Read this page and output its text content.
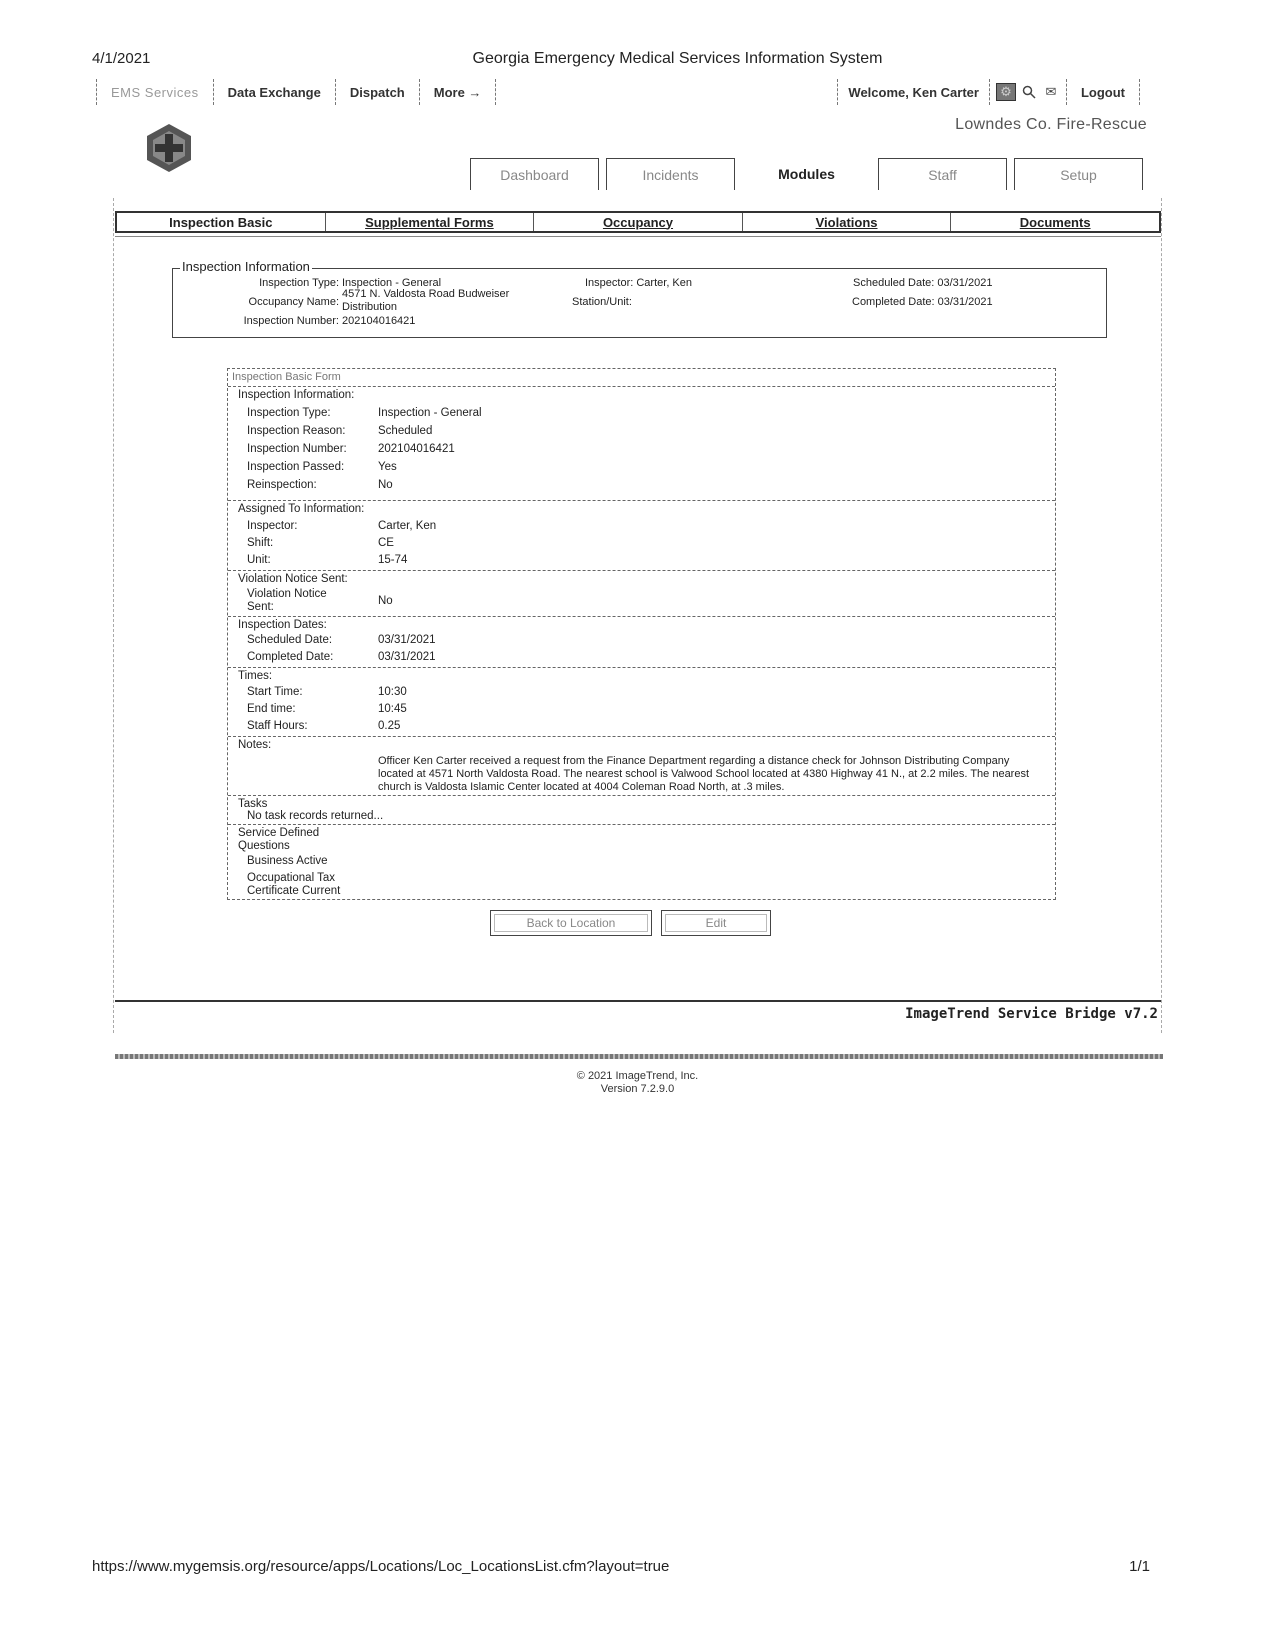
4/1/2021	Georgia Emergency Medical Services Information System
https://www.mygemsis.org/resource/apps/Locations/Loc_LocationsList.cfm?layout=true	1/1
EMS Services	Data Exchange	Dispatch	More →	Welcome, Ken Carter	⚙	✉	Logout
Lowndes Co. Fire-Rescue
Dashboard	Incidents	Modules	Staff	Setup
Inspection Basic	Supplemental Forms	Occupancy	Violations	Documents
Inspection Type: Inspection - General
Occupancy Name:
4571 N. Valdosta Road Budweiser
Distribution
Inspection Number: 202104016421
Inspector: Carter, Ken
Station/Unit:
Scheduled Date: 03/31/2021
Completed Date: 03/31/2021
Inspection Information
Inspection Basic Form
Inspection Information:
Inspection Type:	Inspection - General
Inspection Reason:	Scheduled
Inspection Number:	202104016421
Inspection Passed:	Yes
Reinspection:	No
Assigned To Information:
Inspector:	Carter, Ken
Shift:	CE
Unit:	15-74
Violation Notice Sent:
Violation Notice
Sent:	No
Inspection Dates:
Scheduled Date:	03/31/2021
Completed Date:	03/31/2021
Times:
Start Time:	10:30
End time:	10:45
Staff Hours:	0.25
Notes:
Officer Ken Carter received a request from the Finance Department regarding a distance check for Johnson Distributing Company located at 4571 North Valdosta Road. The nearest school is Valwood School located at 4380 Highway 41 N., at 2.2 miles. The nearest church is Valdosta Islamic Center located at 4004 Coleman Road North, at .3 miles.
Tasks
No task records returned...
Service Defined
Questions
Business Active
Occupational Tax
Certificate Current
Back to Location	Edit
ImageTrend Service Bridge v7.2
© 2021 ImageTrend, Inc.
Version 7.2.9.0
